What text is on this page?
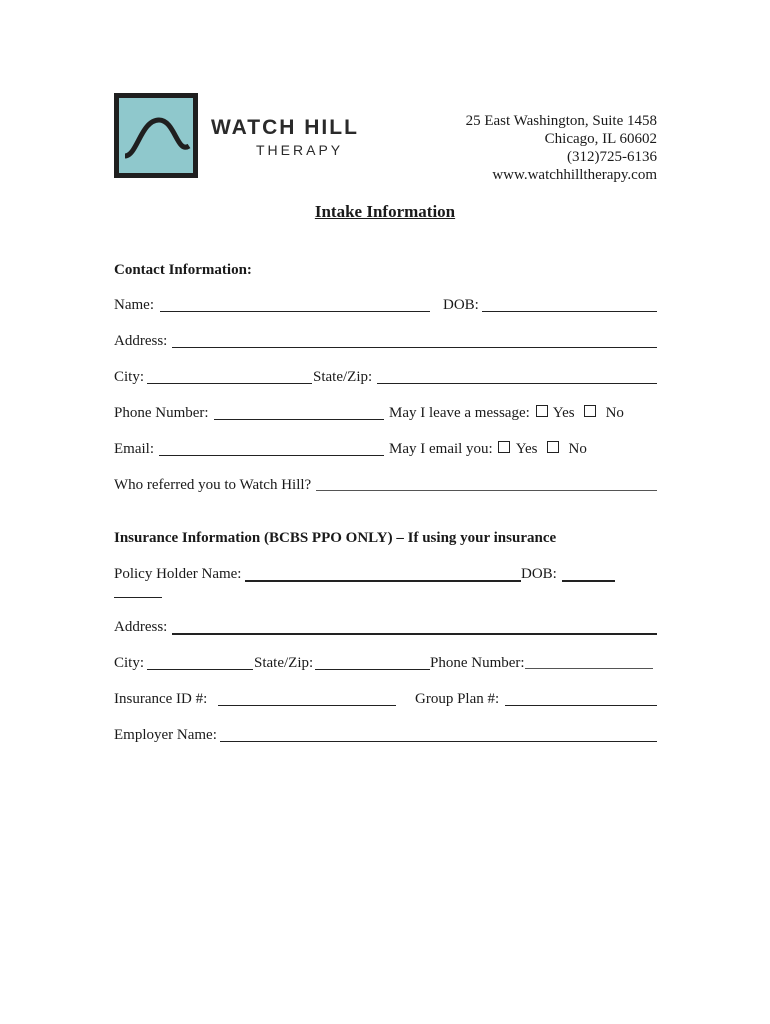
WATCH HILL
THERAPY
25 East Washington, Suite 1458
Chicago, IL 60602
(312)725-6136
www.watchhilltherapy.com
Intake Information
Contact Information:
Name:	DOB:
Address:
City:	State/Zip:
Phone Number:	May I leave a message: Yes No
Email:	May I email you: Yes No
Who referred you to Watch Hill?
Insurance Information (BCBS PPO ONLY) – If using your insurance
Policy Holder Name:	DOB:
Address:
City:	State/Zip:	Phone Number:
Insurance ID #:	Group Plan #:
Employer Name:
